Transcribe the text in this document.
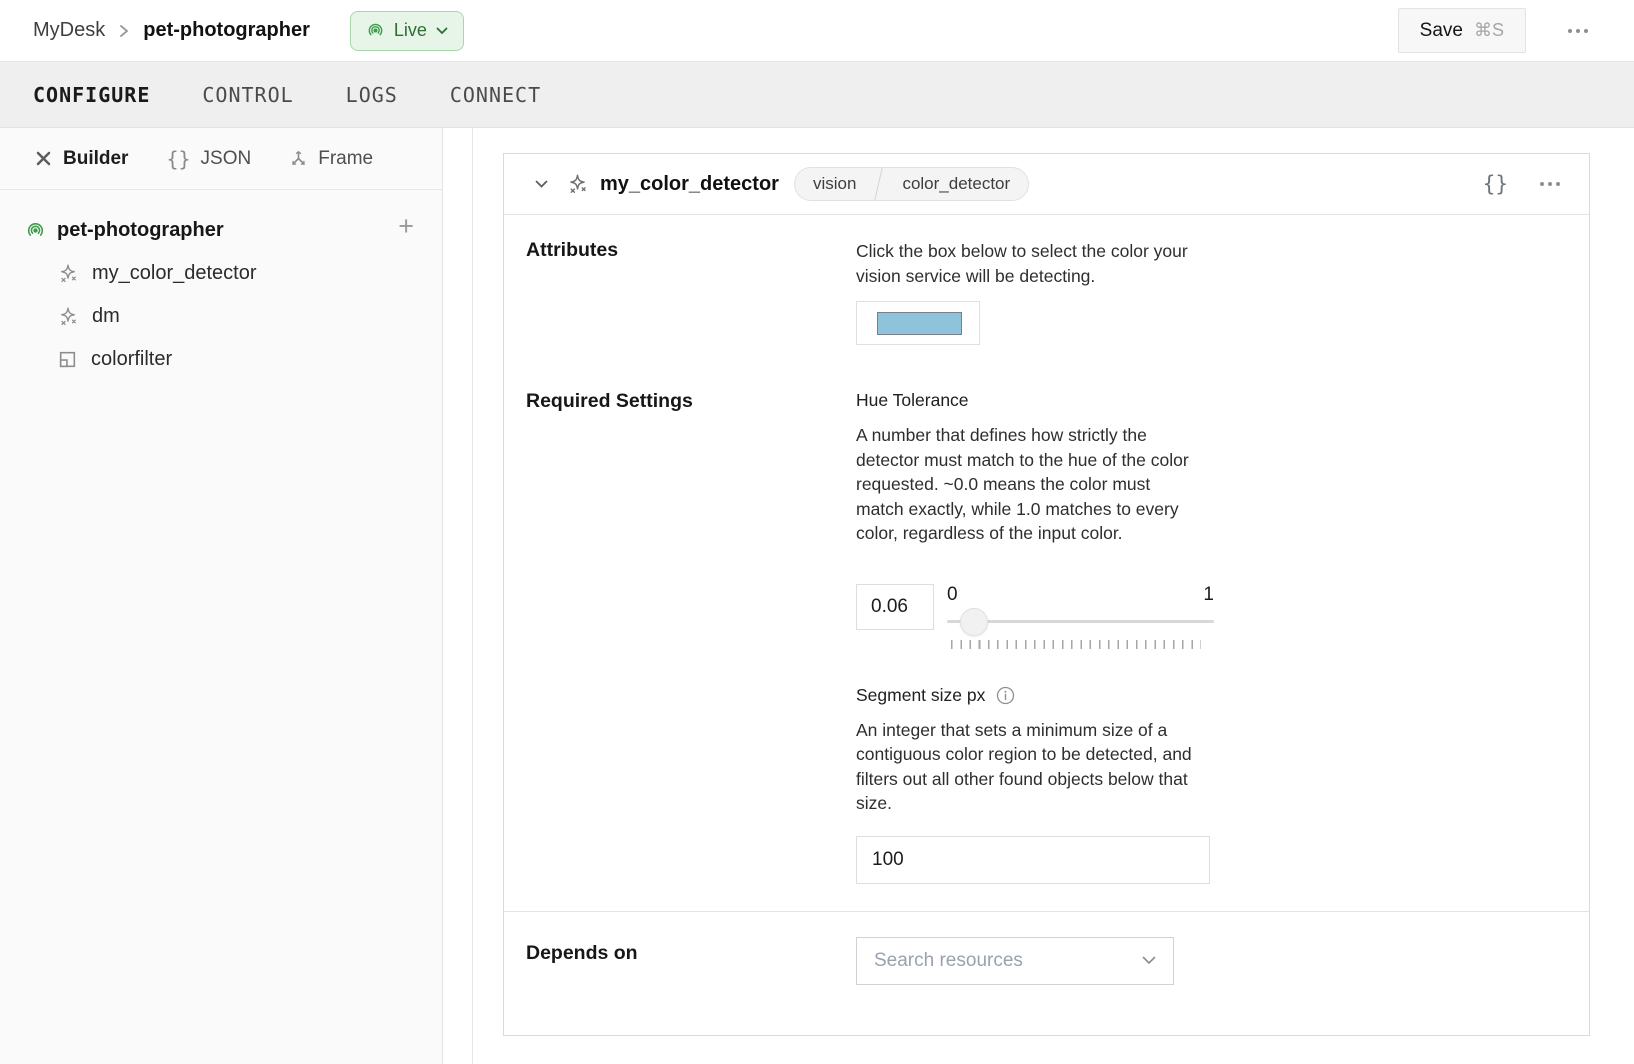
MyDesk pet-photographer	Live	Save ⌘S
CONFIGURE	CONTROL	LOGS	CONNECT
Builder {} JSON	Frame
pet-photographer	+
my_color_detector
dm
colorfilter
my_color_detector	vision	color_detector	{}
Attributes	Click the box below to select the color your vision service will be detecting.

Required Settings	Hue Tolerance

A number that defines how strictly the detector must match to the hue of the color requested. ~0.0 means the color must match exactly, while 1.0 matches to every color, regardless of the input color.

0.06
0	1
Segment size px

An integer that sets a minimum size of a contiguous color region to be detected, and filters out all other found objects below that size.

100
Depends on	Search resources
